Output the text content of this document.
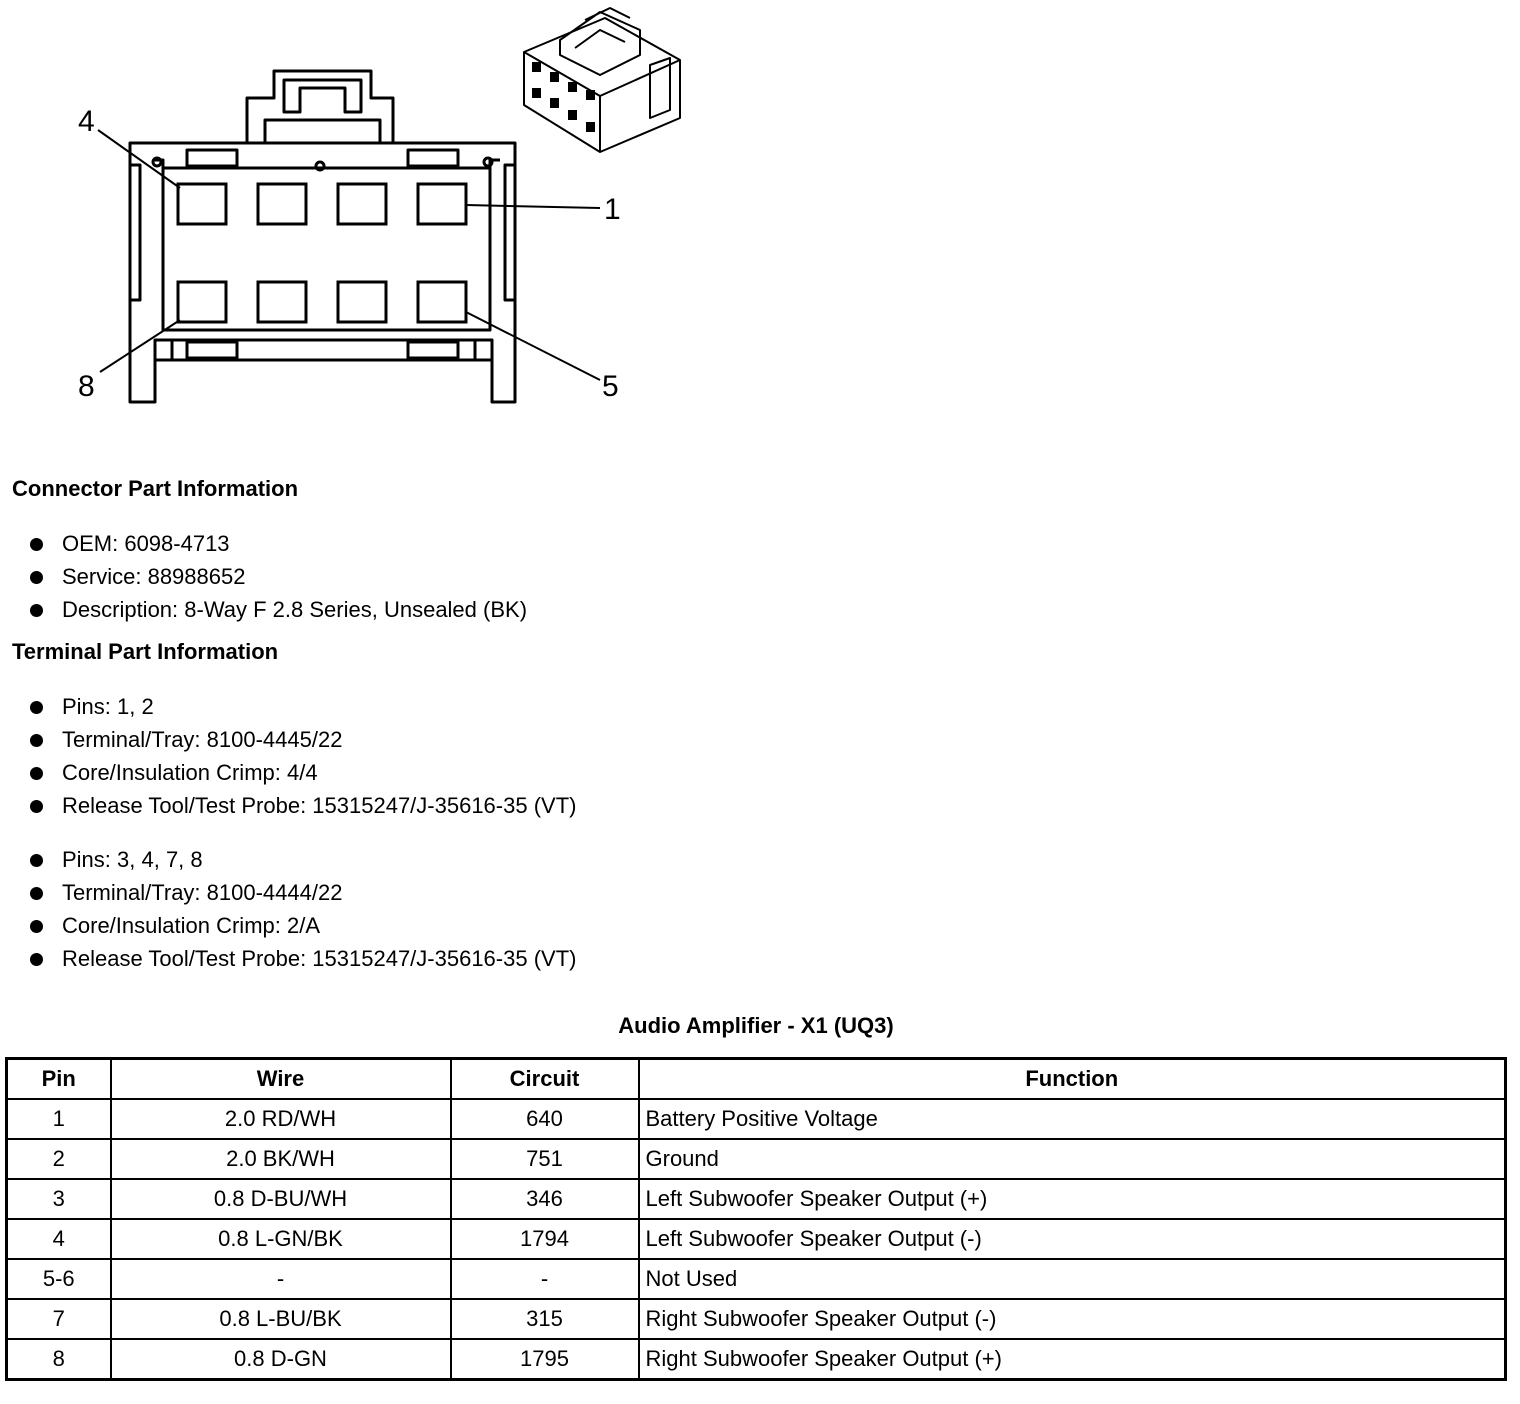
4
1
8	5
Connector Part Information
OEM: 6098-4713
Service: 88988652
Description: 8-Way F 2.8 Series, Unsealed (BK)
Terminal Part Information
Pins: 1, 2
Terminal/Tray: 8100-4445/22
Core/Insulation Crimp: 4/4
Release Tool/Test Probe: 15315247/J-35616-35 (VT)
Pins: 3, 4, 7, 8
Terminal/Tray: 8100-4444/22
Core/Insulation Crimp: 2/A
Release Tool/Test Probe: 15315247/J-35616-35 (VT)
Audio Amplifier - X1 (UQ3)
Pin	Wire	Circuit	Function
1	2.0 RD/WH	640	Battery Positive Voltage
2	2.0 BK/WH	751	Ground
3	0.8 D-BU/WH	346	Left Subwoofer Speaker Output (+)
4	0.8 L-GN/BK	1794	Left Subwoofer Speaker Output (-)
5-6	-	-	Not Used
7	0.8 L-BU/BK	315	Right Subwoofer Speaker Output (-)
8	0.8 D-GN	1795	Right Subwoofer Speaker Output (+)
